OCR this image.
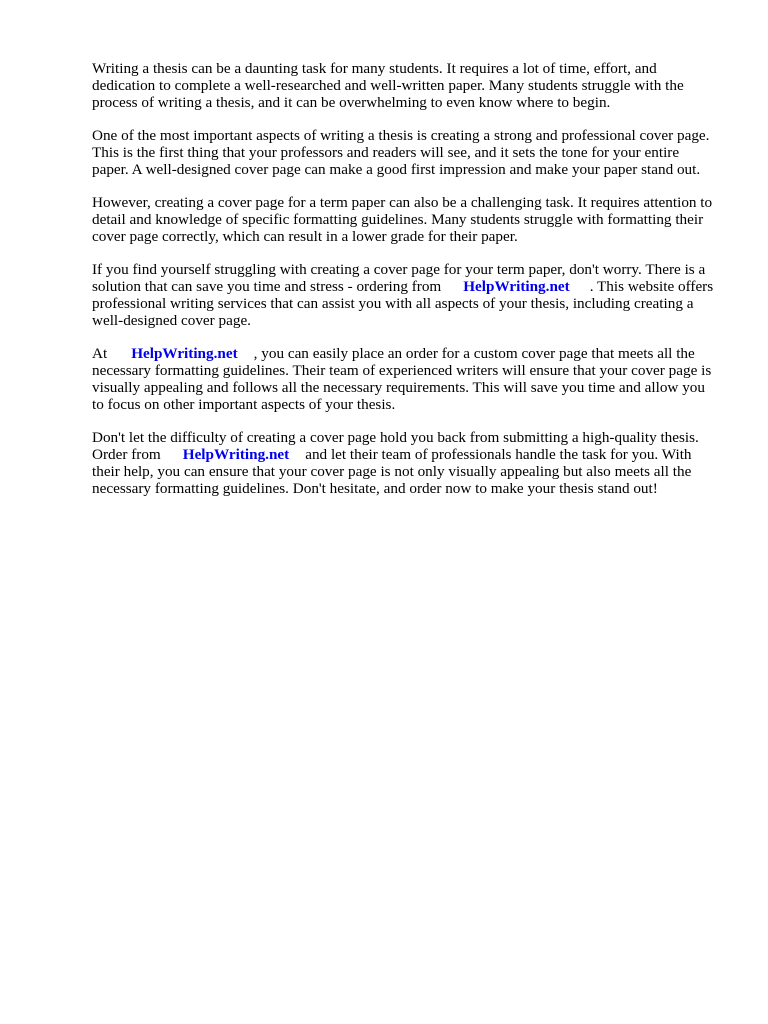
Writing a thesis can be a daunting task for many students. It requires a lot of time, effort, and dedication to complete a well-researched and well-written paper. Many students struggle with the process of writing a thesis, and it can be overwhelming to even know where to begin.

One of the most important aspects of writing a thesis is creating a strong and professional cover page. This is the first thing that your professors and readers will see, and it sets the tone for your entire paper. A well-designed cover page can make a good first impression and make your paper stand out.

However, creating a cover page for a term paper can also be a challenging task. It requires attention to detail and knowledge of specific formatting guidelines. Many students struggle with formatting their cover page correctly, which can result in a lower grade for their paper.

If you find yourself struggling with creating a cover page for your term paper, don't worry. There is a solution that can save you time and stress - ordering from HelpWriting.net . This website offers professional writing services that can assist you with all aspects of your thesis, including creating a well-designed cover page.

At HelpWriting.net , you can easily place an order for a custom cover page that meets all the necessary formatting guidelines. Their team of experienced writers will ensure that your cover page is visually appealing and follows all the necessary requirements. This will save you time and allow you to focus on other important aspects of your thesis.

Don't let the difficulty of creating a cover page hold you back from submitting a high-quality thesis.
Order from HelpWriting.net and let their team of professionals handle the task for you. With their help, you can ensure that your cover page is not only visually appealing but also meets all the necessary formatting guidelines. Don't hesitate, and order now to make your thesis stand out!
